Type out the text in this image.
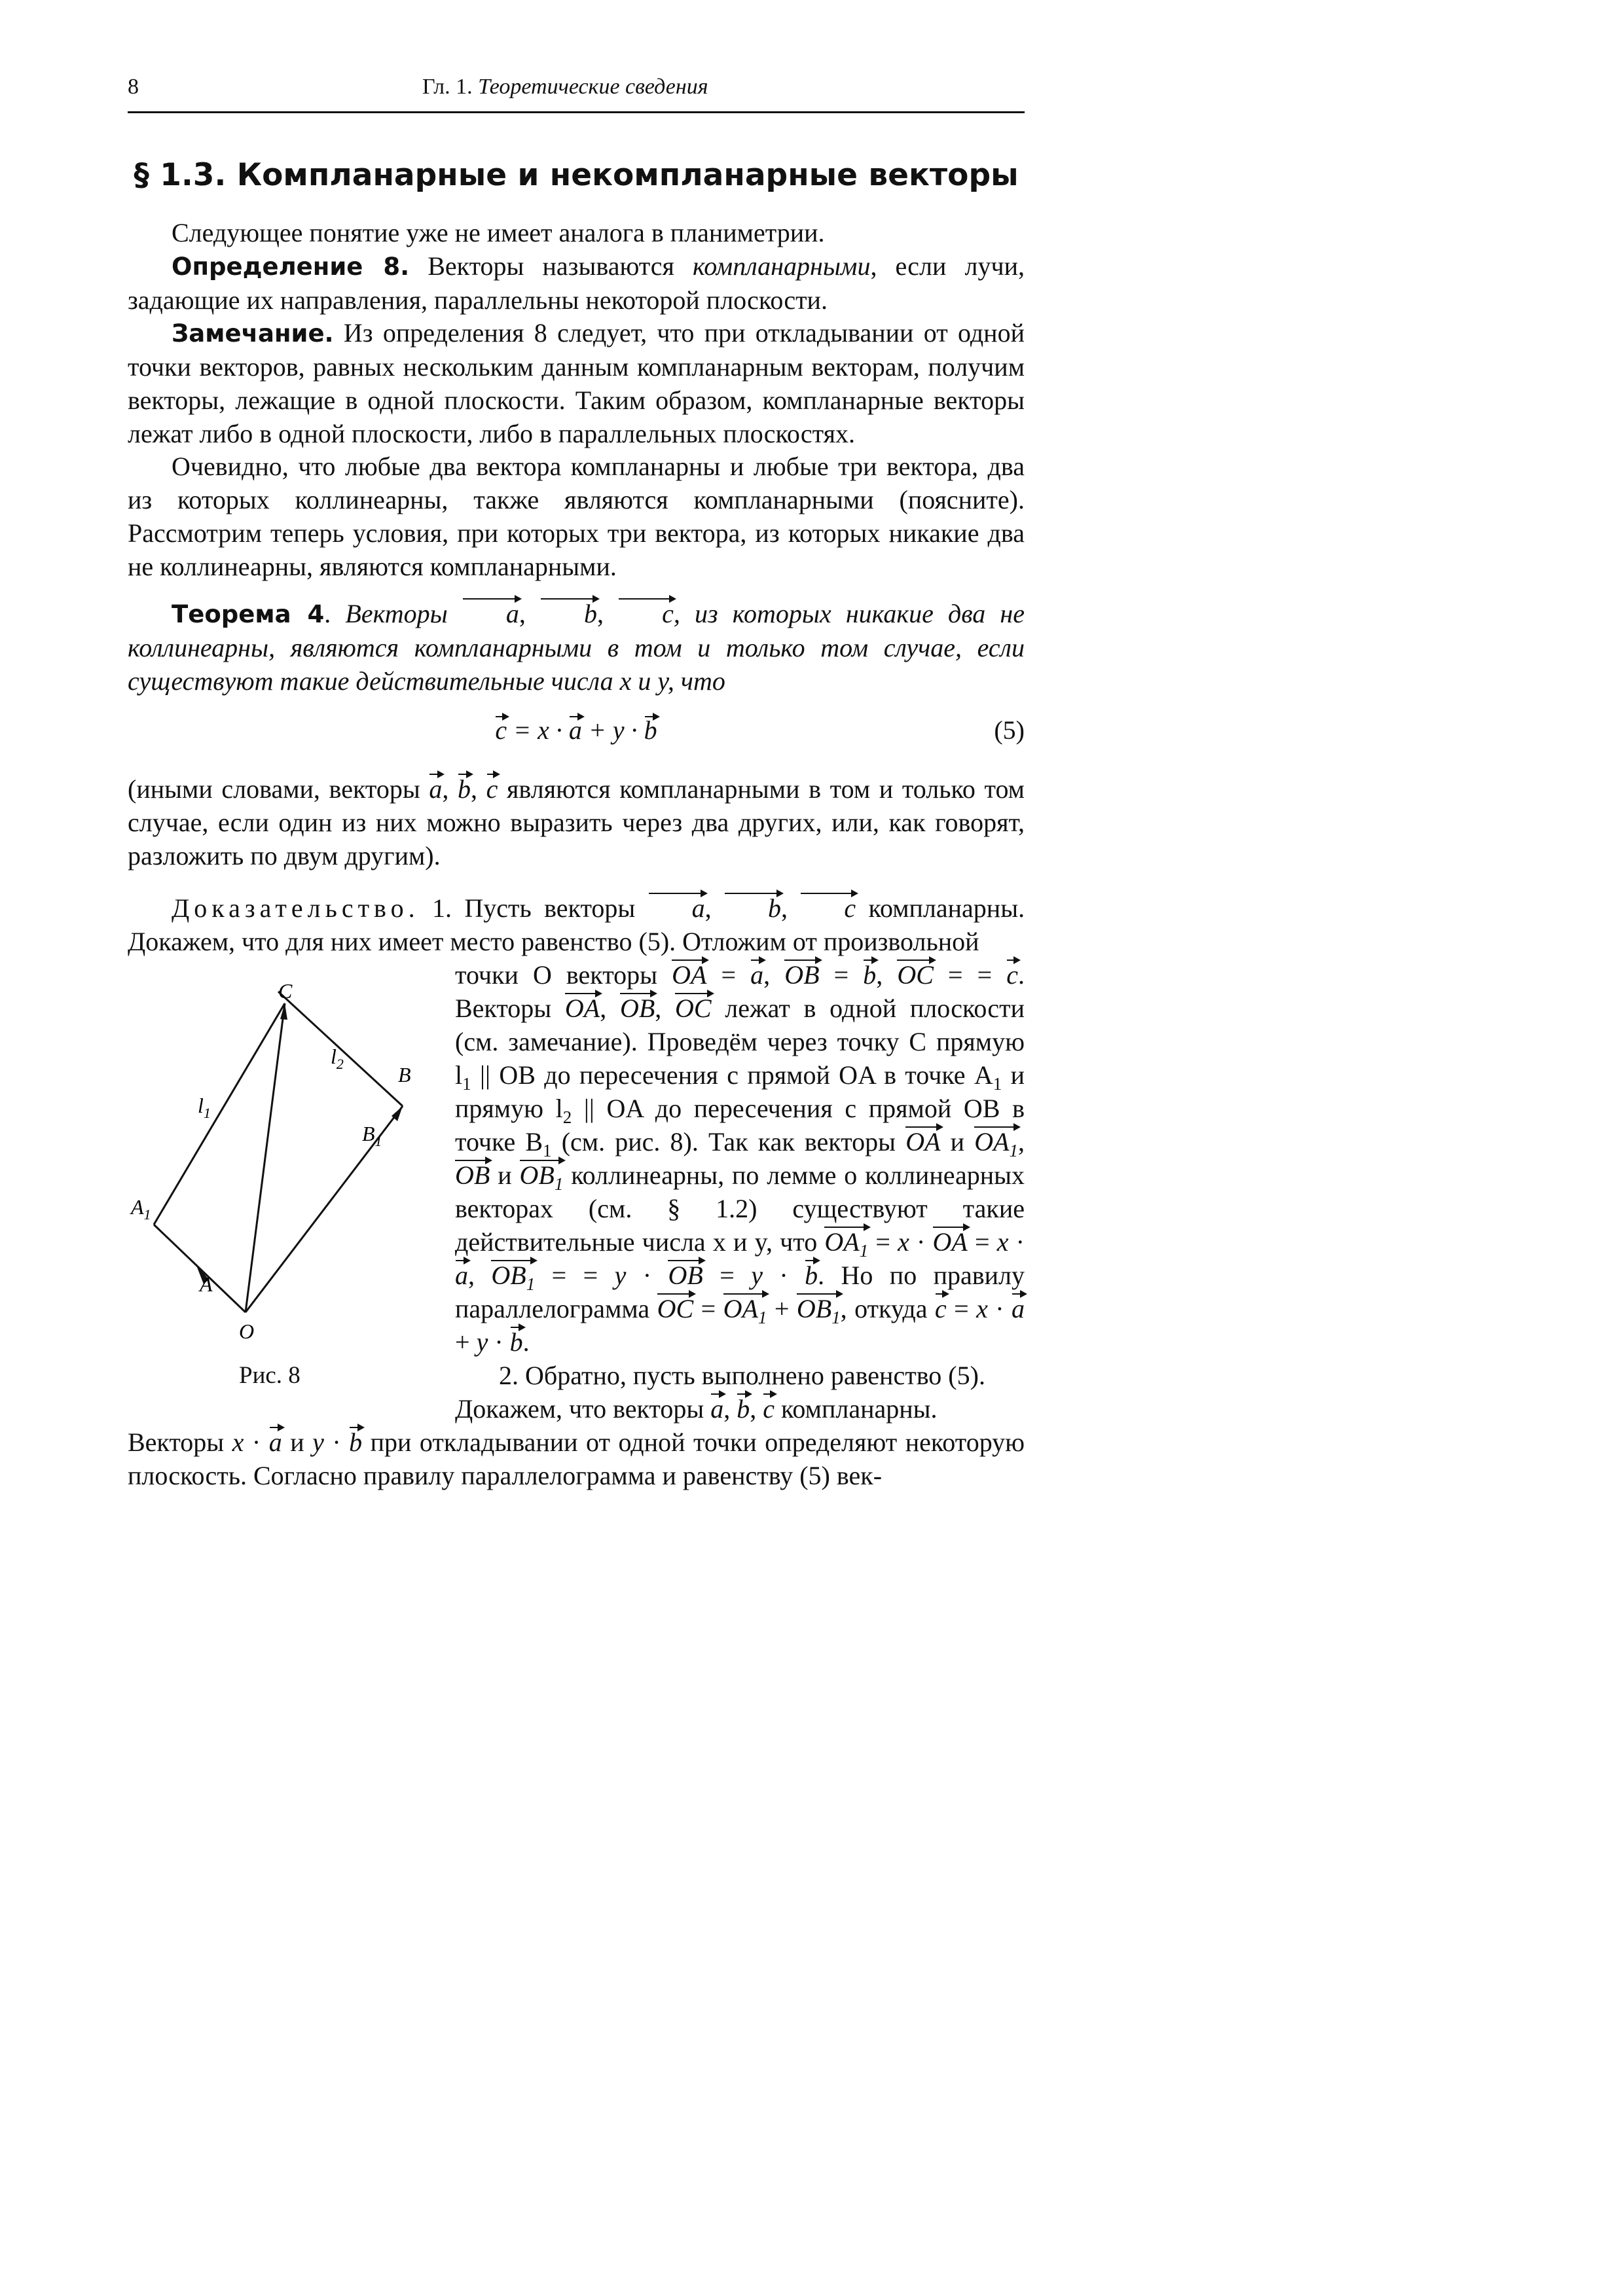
8	Гл. 1. Теоретические сведения
§ 1.3. Компланарные и некомпланарные векторы

Следующее понятие уже не имеет аналога в планиметрии.

Определение 8. Векторы называются компланарными, если лучи, задающие их направления, параллельны некоторой плоскости.

Замечание. Из определения 8 следует, что при откладывании от одной точки векторов, равных нескольким данным компланарным векторам, получим векторы, лежащие в одной плоскости. Таким образом, компланарные векторы лежат либо в одной плоскости, либо в параллельных плоскостях.

Очевидно, что любые два вектора компланарны и любые три вектора, два из которых коллинеарны, также являются компланарными (поясните). Рассмотрим теперь условия, при которых три вектора, из которых никакие два не коллинеарны, являются компланарными.

Теорема 4. Векторы a, b, c, из которых никакие два не коллинеарны, являются компланарными в том и только том случае, если существуют такие действительные числа x и y, что

c = x · a + y · b	(5)

(иными словами, векторы a, b, c являются компланарными в том и только том случае, если один из них можно выразить через два других, или, как говорят, разложить по двум другим).

Доказательство. 1. Пусть векторы a, b, c компланарны. Докажем, что для них имеет место равенство (5). Отложим от произвольной

C
$l_2$	B
$l_1$
$B_1$
$A_1$
A
O
Рис. 8

точки O векторы OA = a, OB = b, OC = = c. Векторы OA, OB, OC лежат в одной плоскости (см. замечание). Проведём через точку C прямую $l_1$ || OB до пересечения с прямой OA в точке $A_1$ и прямую $l_2$ || OA до пересечения с прямой OB в точке $B_1$ (см. рис. 8). Так как векторы OA и $OA_1$, OB и $OB_1$ коллинеарны, по лемме о коллинеарных векторах (см. § 1.2) существуют такие действительные числа x и y, что $OA_1 = x$ · OA = x · a, $OB_1$ = = y · OB = y · b. Но по правилу параллелограмма OC = $OA_1 + OB_1$, откуда c = x · a + y · b.

2. Обратно, пусть выполнено равенство (5).

Докажем, что векторы a, b, c компланарны.

Векторы x · a и y · b при откладывании от одной точки определяют некоторую плоскость. Согласно правилу параллелограмма и равенству (5) век-
